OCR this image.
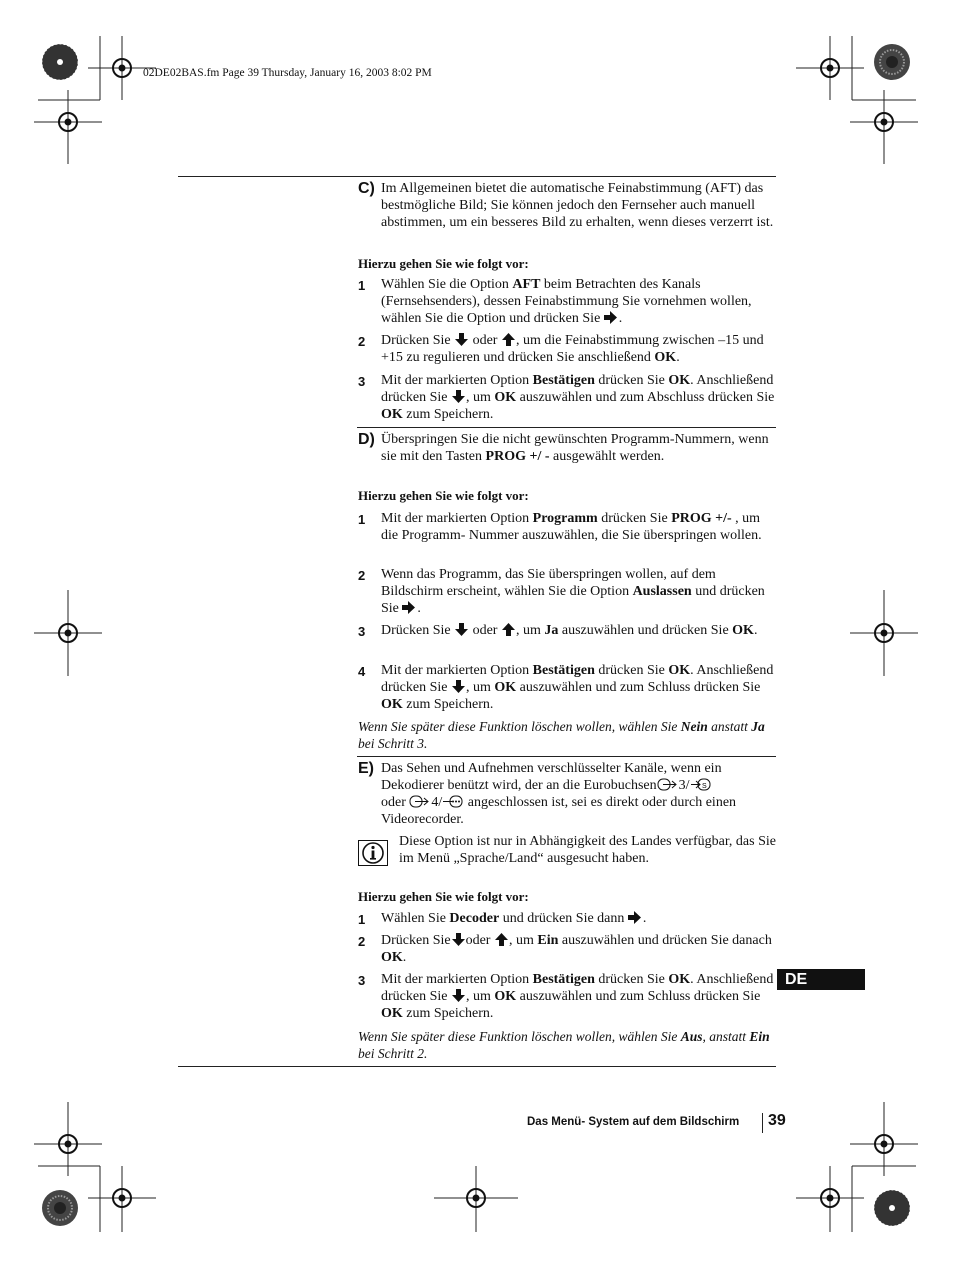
02DE02BAS.fm Page 39 Thursday, January 16, 2003 8:02 PM
C) Im Allgemeinen bietet die automatische Feinabstimmung (AFT) das bestmögliche Bild; Sie können jedoch den Fernseher auch manuell abstimmen, um ein besseres Bild zu erhalten, wenn dieses verzerrt ist.
Hierzu gehen Sie wie folgt vor:
1 Wählen Sie die Option AFT beim Betrachten des Kanals (Fernsehsenders), dessen Feinabstimmung Sie vornehmen wollen, wählen Sie die Option und drücken Sie .
2 Drücken Sie oder , um die Feinabstimmung zwischen –15 und +15 zu regulieren und drücken Sie anschließend OK.
3 Mit der markierten Option Bestätigen drücken Sie OK. Anschließend drücken Sie , um OK auszuwählen und zum Abschluss drücken Sie OK zum Speichern.
D) Überspringen Sie die nicht gewünschten Programm-Nummern, wenn sie mit den Tasten PROG +/ - ausgewählt werden.
Hierzu gehen Sie wie folgt vor:
1 Mit der markierten Option Programm drücken Sie PROG +/- , um die Programm- Nummer auszuwählen, die Sie überspringen wollen.
2 Wenn das Programm, das Sie überspringen wollen, auf dem Bildschirm erscheint, wählen Sie die Option Auslassen und drücken Sie .
3 Drücken Sie oder , um Ja auszuwählen und drücken Sie OK.
4 Mit der markierten Option Bestätigen drücken Sie OK. Anschließend drücken Sie , um OK auszuwählen und zum Schluss drücken Sie OK zum Speichern.
Wenn Sie später diese Funktion löschen wollen, wählen Sie Nein anstatt Ja bei Schritt 3.
E) Das Sehen und Aufnehmen verschlüsselter Kanäle, wenn ein Dekodierer benützt wird, der an die Eurobuchsen 3/ S

oder 4/ angeschlossen ist, sei es direkt oder durch einen Videorecorder.
Diese Option ist nur in Abhängigkeit des Landes verfügbar, das Sie im Menü „Sprache/Land“ ausgesucht haben.
Hierzu gehen Sie wie folgt vor:
1 Wählen Sie Decoder und drücken Sie dann .
2 Drücken Sie oder , um Ein auszuwählen und drücken Sie danach OK.
3 Mit der markierten Option Bestätigen drücken Sie OK. Anschließend drücken Sie , um OK auszuwählen und zum Schluss drücken Sie OK zum Speichern.
Wenn Sie später diese Funktion löschen wollen, wählen Sie Aus, anstatt Ein bei Schritt 2.
DE
Das Menü- System auf dem Bildschirm 39
